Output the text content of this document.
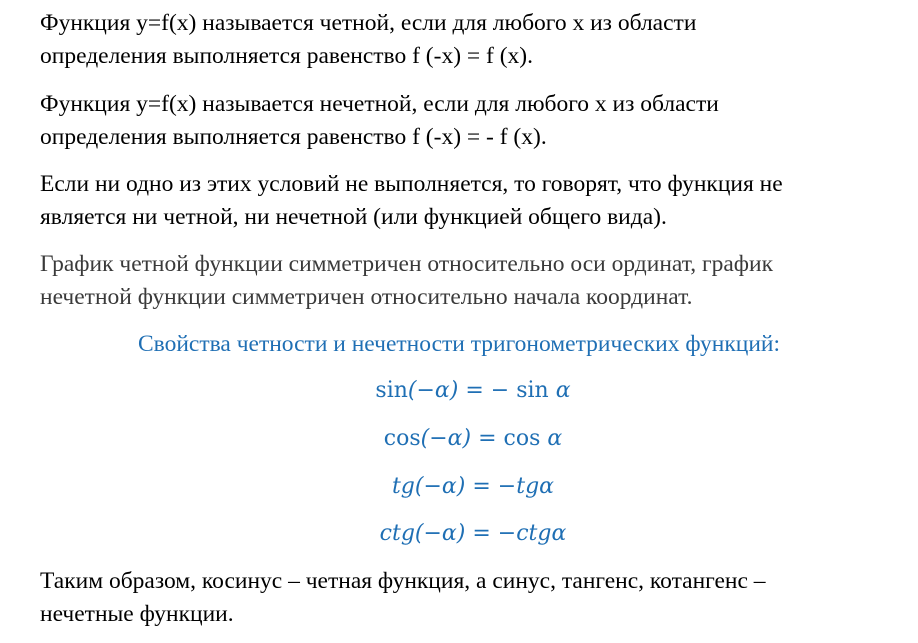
Функция y=f(x) называется четной, если для любого x из области
определения выполняется равенство f (-x) = f (x).

Функция y=f(x) называется нечетной, если для любого x из области
определения выполняется равенство f (-x) = - f (x).

Если ни одно из этих условий не выполняется, то говорят, что функция не
является ни четной, ни нечетной (или функцией общего вида).

График четной функции симметричен относительно оси ординат, график
нечетной функции симметричен относительно начала координат.

Свойства четности и нечетности тригонометрических функций:

sin(−α) = − sin α
cos(−α) = cos α
tg(−α) = −tgα
ctg(−α) = −ctgα

Таким образом, косинус – четная функция, а синус, тангенс, котангенс –
нечетные функции.
